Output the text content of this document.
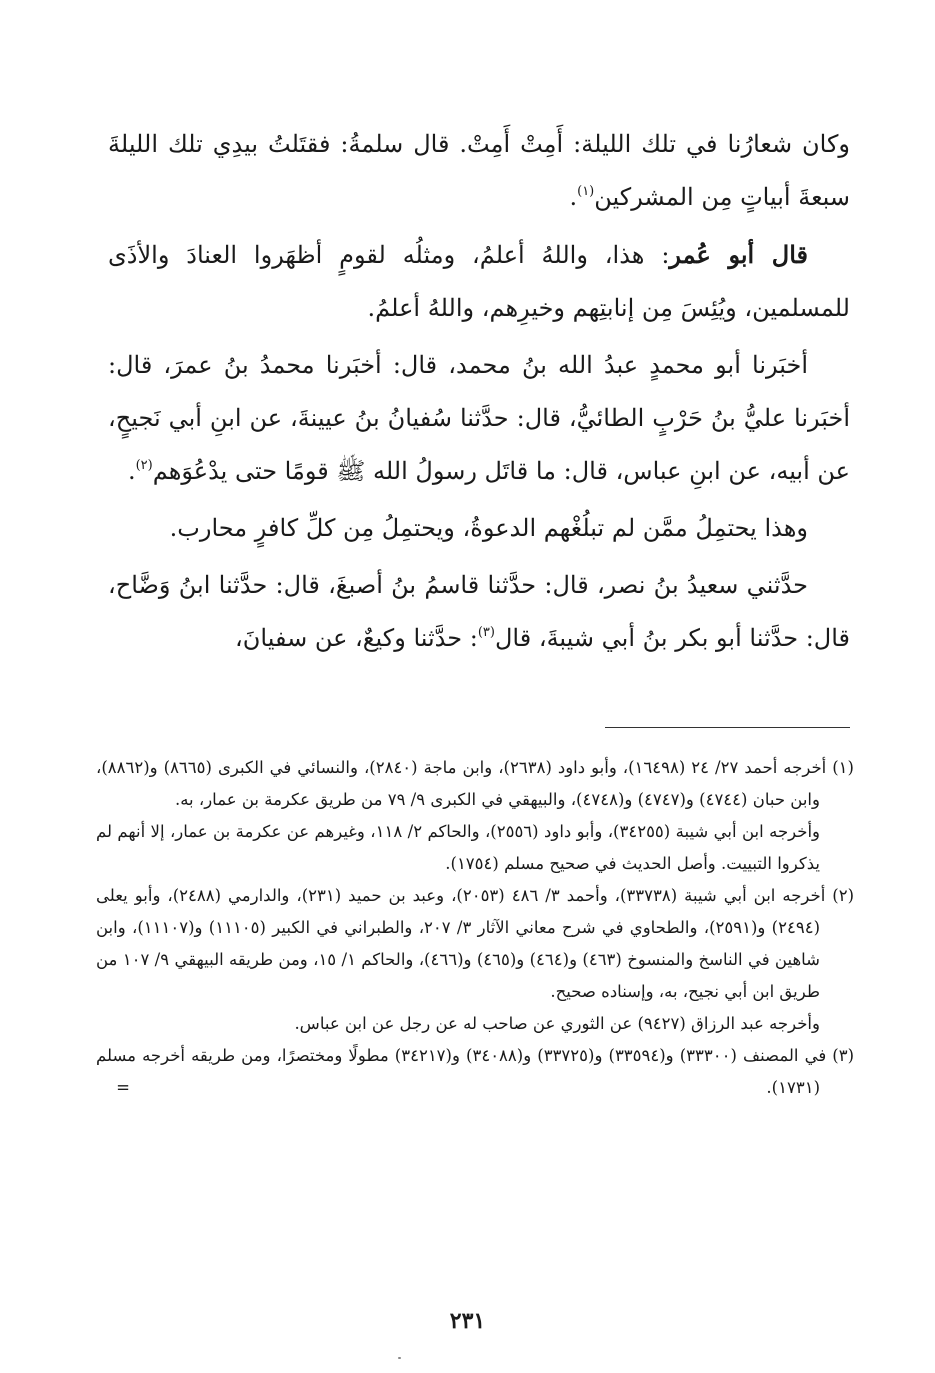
وكان شعارُنا في تلك الليلة: أَمِتْ أَمِتْ. قال سلمةُ: فقتَلتُ بيدِي تلك الليلةَ سبعةَ أبياتٍ مِن المشركين$^{(١)}$.

قال أبو عُمر: هذا، واللهُ أعلمُ، ومثلُه لقومٍ أظهَروا العنادَ والأذَى للمسلمين، ويُئِسَ مِن إنابتِهم وخيرِهم، واللهُ أعلمُ.

أخبَرنا أبو محمدٍ عبدُ الله بنُ محمد، قال: أخبَرنا محمدُ بنُ عمرَ، قال: أخبَرنا عليُّ بنُ حَرْبٍ الطائيُّ، قال: حدَّثنا سُفيانُ بنُ عيينةَ، عن ابنِ أبي نَجيحٍ، عن أبيه، عن ابنِ عباس، قال: ما قاتَل رسولُ الله ﷺ قومًا حتى يدْعُوَهم$^{(٢)}$.

وهذا يحتمِلُ ممَّن لم تبلُغْهم الدعوةُ، ويحتمِلُ مِن كلِّ كافرٍ محارب.

حدَّثني سعيدُ بنُ نصر، قال: حدَّثنا قاسمُ بنُ أصبغَ، قال: حدَّثنا ابنُ وَضَّاح، قال: حدَّثنا أبو بكر بنُ أبي شيبةَ، قال$^{(٣)}$: حدَّثنا وكيعٌ، عن سفيانَ،

(١) أخرجه أحمد ٢٧/ ٢٤ (١٦٤٩٨)، وأبو داود (٢٦٣٨)، وابن ماجة (٢٨٤٠)، والنسائي في الكبرى (٨٦٦٥) و(٨٨٦٢)، وابن حبان (٤٧٤٤) و(٤٧٤٧) و(٤٧٤٨)، والبيهقي في الكبرى ٩/ ٧٩ من طريق عكرمة بن عمار، به.

وأخرجه ابن أبي شيبة (٣٤٢٥٥)، وأبو داود (٢٥٥٦)، والحاكم ٢/ ١١٨، وغيرهم عن عكرمة بن عمار، إلا أنهم لم يذكروا التبييت. وأصل الحديث في صحيح مسلم (١٧٥٤).

(٢) أخرجه ابن أبي شيبة (٣٣٧٣٨)، وأحمد ٣/ ٤٨٦ (٢٠٥٣)، وعبد بن حميد (٢٣١)، والدارمي (٢٤٨٨)، وأبو يعلى (٢٤٩٤) و(٢٥٩١)، والطحاوي في شرح معاني الآثار ٣/ ٢٠٧، والطبراني في الكبير (١١١٠٥) و(١١١٠٧)، وابن شاهين في الناسخ والمنسوخ (٤٦٣) و(٤٦٤) و(٤٦٥) و(٤٦٦)، والحاكم ١/ ١٥، ومن طريقه البيهقي ٩/ ١٠٧ من طريق ابن أبي نجيح، به، وإسناده صحيح.

وأخرجه عبد الرزاق (٩٤٢٧) عن الثوري عن صاحب له عن رجل عن ابن عباس.

(٣) في المصنف (٣٣٣٠٠) و(٣٣٥٩٤) و(٣٣٧٢٥) و(٣٤٠٨٨) و(٣٤٢١٧) مطولًا ومختصرًا، ومن طريقه أخرجه مسلم (١٧٣١).
=

٢٣١
